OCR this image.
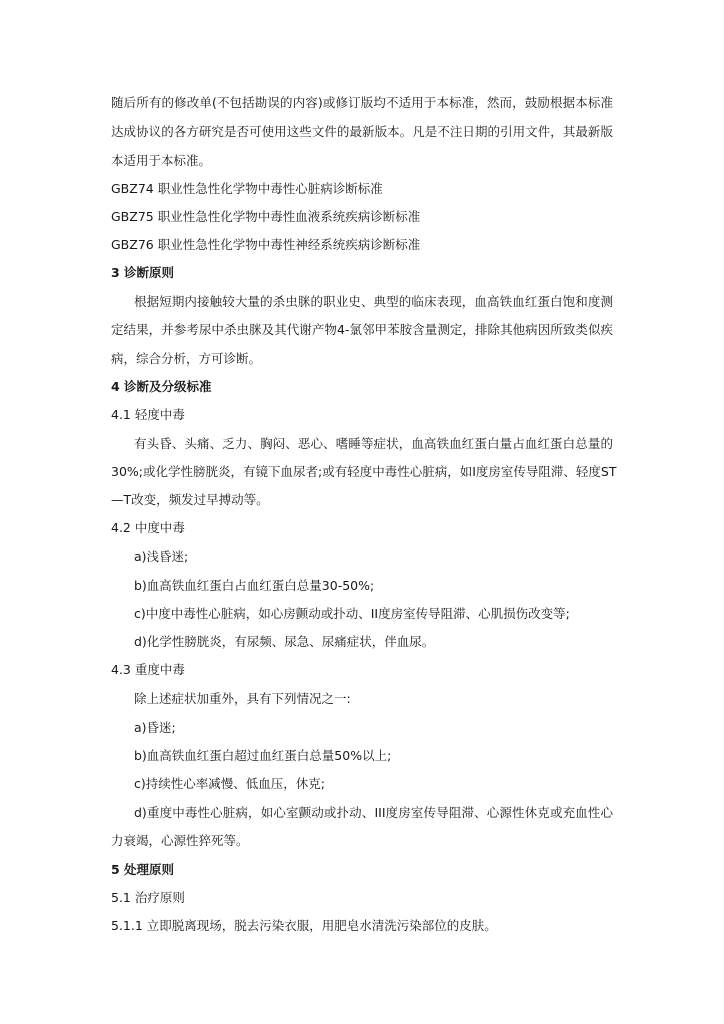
随后所有的修改单(不包括勘误的内容)或修订版均不适用于本标准，然而，鼓励根据本标准
达成协议的各方研究是否可使用这些文件的最新版本。凡是不注日期的引用文件，其最新版
本适用于本标准。
GBZ74 职业性急性化学物中毒性心脏病诊断标准
GBZ75 职业性急性化学物中毒性血液系统疾病诊断标准
GBZ76 职业性急性化学物中毒性神经系统疾病诊断标准
3 诊断原则
根据短期内接触较大量的杀虫脒的职业史、典型的临床表现，血高铁血红蛋白饱和度测
定结果，并参考尿中杀虫脒及其代谢产物4-氯邻甲苯胺含量测定，排除其他病因所致类似疾
病，综合分析，方可诊断。
4 诊断及分级标准
4.1 轻度中毒
有头昏、头痛、乏力、胸闷、恶心、嗜睡等症状，血高铁血红蛋白量占血红蛋白总量的
30%;或化学性膀胱炎，有镜下血尿者;或有轻度中毒性心脏病，如I度房室传导阻滞、轻度ST
—T改变，频发过早搏动等。
4.2 中度中毒
a)浅昏迷;
b)血高铁血红蛋白占血红蛋白总量30-50%;
c)中度中毒性心脏病，如心房颤动或扑动、II度房室传导阻滞、心肌损伤改变等;
d)化学性膀胱炎，有尿频、尿急、尿痛症状，伴血尿。
4.3 重度中毒
除上述症状加重外，具有下列情况之一:
a)昏迷;
b)血高铁血红蛋白超过血红蛋白总量50%以上;
c)持续性心率减慢、低血压，休克;
d)重度中毒性心脏病，如心室颤动或扑动、III度房室传导阻滞、心源性休克或充血性心
力衰竭，心源性猝死等。
5 处理原则
5.1 治疗原则
5.1.1 立即脱离现场，脱去污染衣服，用肥皂水清洗污染部位的皮肤。
